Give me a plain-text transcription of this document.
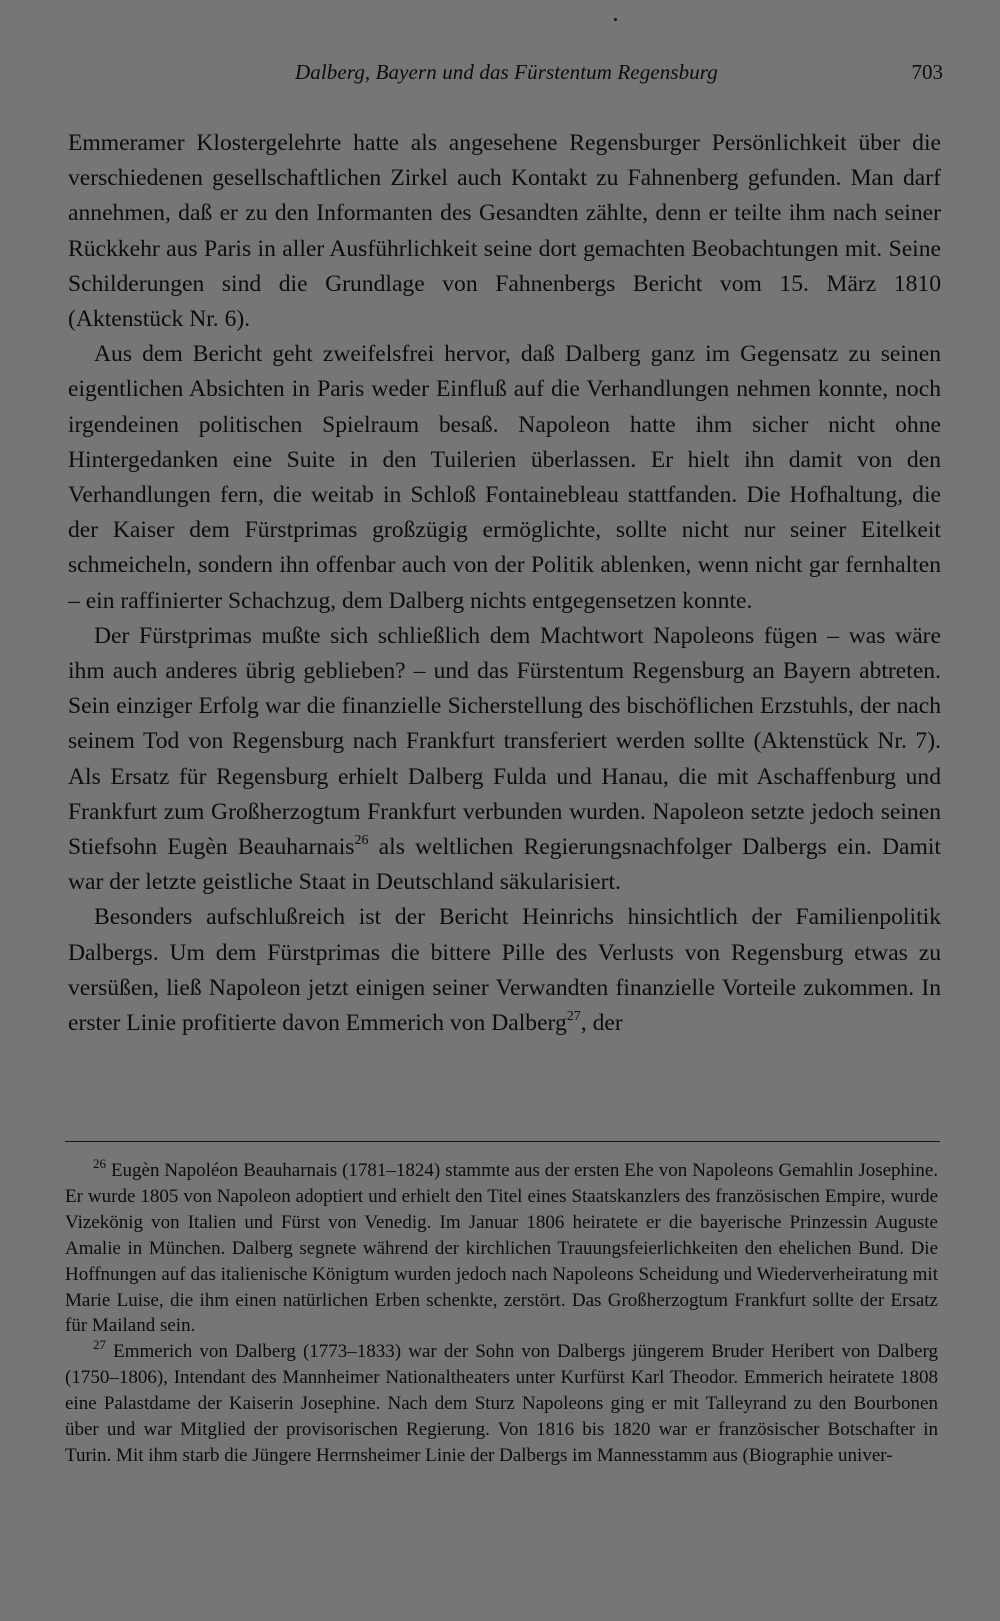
Dalberg, Bayern und das Fürstentum Regensburg	703

Emmeramer Klostergelehrte hatte als angesehene Regensburger Persönlichkeit über die verschiedenen gesellschaftlichen Zirkel auch Kontakt zu Fahnenberg gefunden. Man darf annehmen, daß er zu den Informanten des Gesandten zählte, denn er teilte ihm nach seiner Rückkehr aus Paris in aller Ausführlichkeit seine dort gemachten Beobachtungen mit. Seine Schilderungen sind die Grundlage von Fahnenbergs Bericht vom 15. März 1810 (Aktenstück Nr. 6).

Aus dem Bericht geht zweifelsfrei hervor, daß Dalberg ganz im Gegensatz zu seinen eigentlichen Absichten in Paris weder Einfluß auf die Verhandlungen nehmen konnte, noch irgendeinen politischen Spielraum besaß. Napoleon hatte ihm sicher nicht ohne Hintergedanken eine Suite in den Tuilerien überlassen. Er hielt ihn damit von den Verhandlungen fern, die weitab in Schloß Fontainebleau stattfanden. Die Hofhaltung, die der Kaiser dem Fürstprimas großzügig ermöglichte, sollte nicht nur seiner Eitelkeit schmeicheln, sondern ihn offenbar auch von der Politik ablenken, wenn nicht gar fernhalten – ein raffinierter Schachzug, dem Dalberg nichts entgegensetzen konnte.

Der Fürstprimas mußte sich schließlich dem Machtwort Napoleons fügen – was wäre ihm auch anderes übrig geblieben? – und das Fürstentum Regensburg an Bayern abtreten. Sein einziger Erfolg war die finanzielle Sicherstellung des bischöflichen Erzstuhls, der nach seinem Tod von Regensburg nach Frankfurt transferiert werden sollte (Aktenstück Nr. 7). Als Ersatz für Regensburg erhielt Dalberg Fulda und Hanau, die mit Aschaffenburg und Frankfurt zum Großherzogtum Frankfurt verbunden wurden. Napoleon setzte jedoch seinen Stiefsohn Eugèn Beauharnais$^{26}$ als weltlichen Regierungsnachfolger Dalbergs ein. Damit war der letzte geistliche Staat in Deutschland säkularisiert.

Besonders aufschlußreich ist der Bericht Heinrichs hinsichtlich der Familienpolitik Dalbergs. Um dem Fürstprimas die bittere Pille des Verlusts von Regensburg etwas zu versüßen, ließ Napoleon jetzt einigen seiner Verwandten finanzielle Vorteile zukommen. In erster Linie profitierte davon Emmerich von Dalberg$^{27}$, der

$^{26}$ Eugèn Napoléon Beauharnais (1781–1824) stammte aus der ersten Ehe von Napoleons Gemahlin Josephine. Er wurde 1805 von Napoleon adoptiert und erhielt den Titel eines Staatskanzlers des französischen Empire, wurde Vizekönig von Italien und Fürst von Venedig. Im Januar 1806 heiratete er die bayerische Prinzessin Auguste Amalie in München. Dalberg segnete während der kirchlichen Trauungsfeierlichkeiten den ehelichen Bund. Die Hoffnungen auf das italienische Königtum wurden jedoch nach Napoleons Scheidung und Wiederverheiratung mit Marie Luise, die ihm einen natürlichen Erben schenkte, zerstört. Das Großherzogtum Frankfurt sollte der Ersatz für Mailand sein.

$^{27}$ Emmerich von Dalberg (1773–1833) war der Sohn von Dalbergs jüngerem Bruder Heribert von Dalberg (1750–1806), Intendant des Mannheimer Nationaltheaters unter Kurfürst Karl Theodor. Emmerich heiratete 1808 eine Palastdame der Kaiserin Josephine. Nach dem Sturz Napoleons ging er mit Talleyrand zu den Bourbonen über und war Mitglied der provisorischen Regierung. Von 1816 bis 1820 war er französischer Botschafter in Turin. Mit ihm starb die Jüngere Herrnsheimer Linie der Dalbergs im Mannesstamm aus (Biographie univer-
